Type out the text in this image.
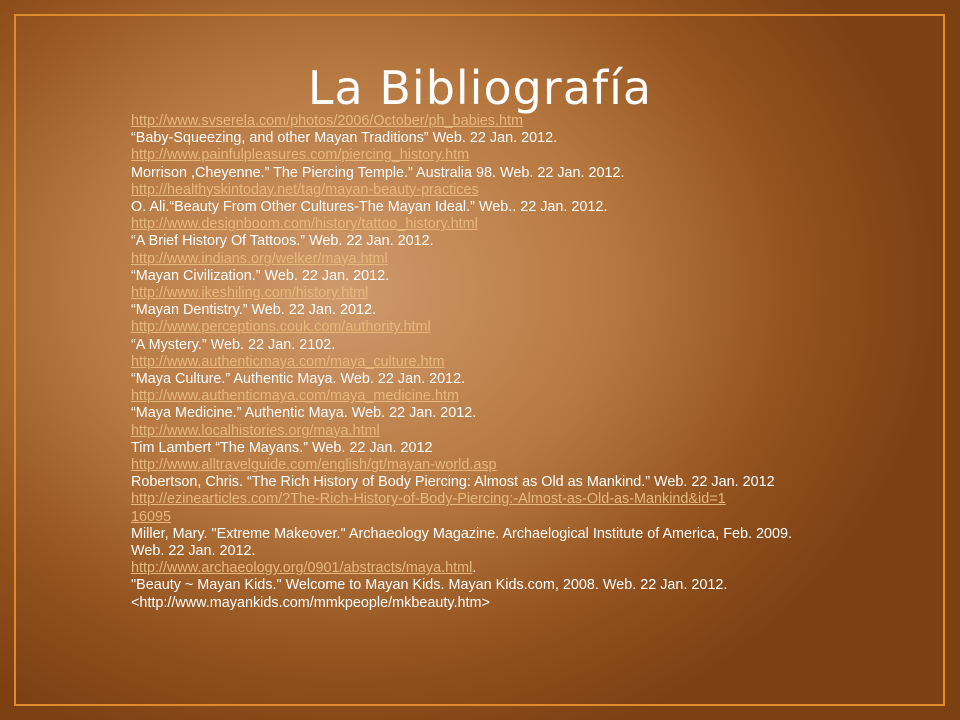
La Bibliografía
http://www.svserela.com/photos/2006/October/ph_babies.htm
“Baby-Squeezing, and other Mayan Traditions” Web. 22 Jan. 2012.
http://www.painfulpleasures.com/piercing_history.htm
Morrison ,Cheyenne.” The Piercing Temple.” Australia 98. Web. 22 Jan. 2012.
http://healthyskintoday.net/tag/mayan-beauty-practices
O. Ali.“Beauty From Other Cultures-The Mayan Ideal.” Web.. 22 Jan. 2012.
http://www.designboom.com/history/tattoo_history.html
“A Brief History Of Tattoos.” Web. 22 Jan. 2012.
http://www.indians.org/welker/maya.html
“Mayan Civilization.” Web. 22 Jan. 2012.
http://www.ikeshiling.com/history.html
“Mayan Dentistry.” Web. 22 Jan. 2012.
http://www.perceptions.couk.com/authority.html
“A Mystery.” Web. 22 Jan. 2102.
http://www.authenticmaya.com/maya_culture.htm
“Maya Culture.” Authentic Maya. Web. 22 Jan. 2012.
http://www.authenticmaya.com/maya_medicine.htm
“Maya Medicine.” Authentic Maya. Web. 22 Jan. 2012.
http://www.localhistories.org/maya.html
Tim Lambert “The Mayans.” Web. 22 Jan. 2012
http://www.alltravelguide.com/english/gt/mayan-world.asp
Robertson, Chris. “The Rich History of Body Piercing: Almost as Old as Mankind.” Web. 22 Jan. 2012
http://ezinearticles.com/?The-Rich-History-of-Body-Piercing:-Almost-as-Old-as-Mankind&id=116095
Miller, Mary. "Extreme Makeover." Archaeology Magazine. Archaelogical Institute of America, Feb. 2009. Web. 22 Jan. 2012.
http://www.archaeology.org/0901/abstracts/maya.html.
"Beauty ~ Mayan Kids." Welcome to Mayan Kids. Mayan Kids.com, 2008. Web. 22 Jan. 2012. <http://www.mayankids.com/mmkpeople/mkbeauty.htm>
